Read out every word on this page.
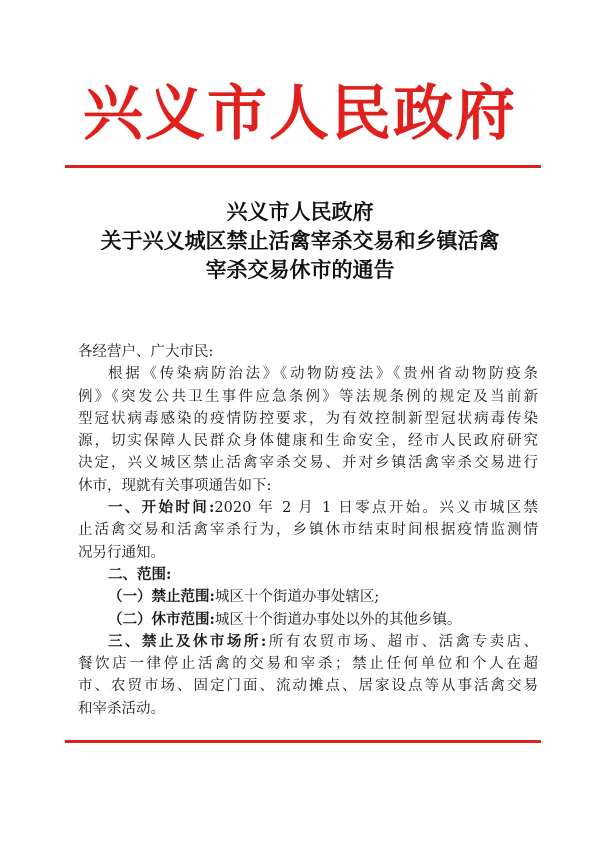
兴义市人民政府
兴义市人民政府
关于兴义城区禁止活禽宰杀交易和乡镇活禽
宰杀交易休市的通告
各经营户、广大市民:
根据《传染病防治法》《动物防疫法》《贵州省动物防疫条
例》《突发公共卫生事件应急条例》等法规条例的规定及当前新
型冠状病毒感染的疫情防控要求，为有效控制新型冠状病毒传染
源，切实保障人民群众身体健康和生命安全，经市人民政府研究
决定，兴义城区禁止活禽宰杀交易、并对乡镇活禽宰杀交易进行
休市，现就有关事项通告如下:
一、开始时间:2020 年 2 月 1 日零点开始。兴义市城区禁
止活禽交易和活禽宰杀行为，乡镇休市结束时间根据疫情监测情
况另行通知。
二、范围:
（一）禁止范围:城区十个街道办事处辖区;
（二）休市范围:城区十个街道办事处以外的其他乡镇。
三、禁止及休市场所:所有农贸市场、超市、活禽专卖店、
餐饮店一律停止活禽的交易和宰杀；禁止任何单位和个人在超
市、农贸市场、固定门面、流动摊点、居家设点等从事活禽交易
和宰杀活动。
